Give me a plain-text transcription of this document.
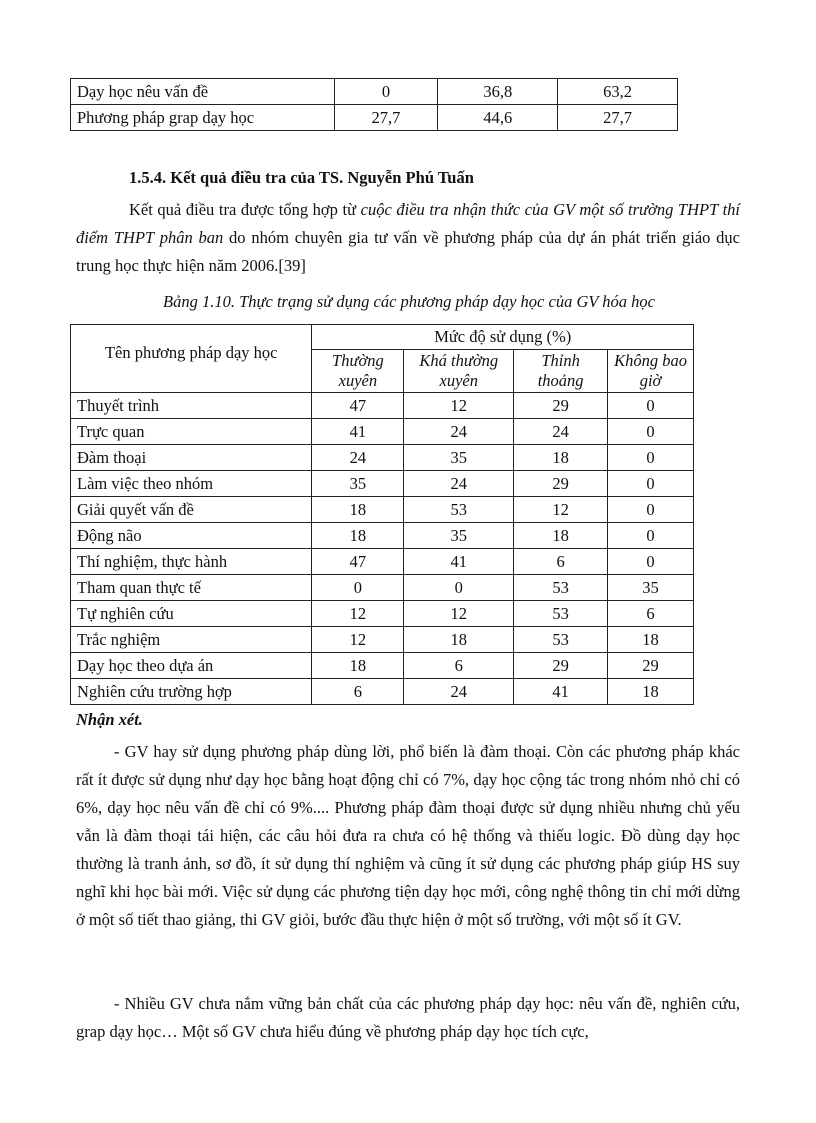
Dạy học nêu vấn đề	0	36,8	63,2
Phương pháp grap dạy học	27,7	44,6	27,7
1.5.4. Kết quả điều tra của TS. Nguyễn Phú Tuấn

Kết quả điều tra được tổng hợp từ cuộc điều tra nhận thức của GV một số trường THPT thí điểm THPT phân ban do nhóm chuyên gia tư vấn về phương pháp của dự án phát triển giáo dục trung học thực hiện năm 2006.[39]

Bảng 1.10. Thực trạng sử dụng các phương pháp dạy học của GV hóa học
Tên phương pháp dạy học	Mức độ sử dụng (%)			
	Thường xuyên	Khá thường xuyên	Thỉnh thoảng	Không bao giờ
Thuyết trình	47	12	29	0
Trực quan	41	24	24	0
Đàm thoại	24	35	18	0
Làm việc theo nhóm	35	24	29	0
Giải quyết vấn đề	18	53	12	0
Động não	18	35	18	0
Thí nghiệm, thực hành	47	41	6	0
Tham quan thực tế	0	0	53	35
Tự nghiên cứu	12	12	53	6
Trắc nghiệm	12	18	53	18
Dạy học theo dựa án	18	6	29	29
Nghiên cứu trường hợp	6	24	41	18
Nhận xét.

- GV hay sử dụng phương pháp dùng lời, phổ biến là đàm thoại. Còn các phương pháp khác rất ít được sử dụng như dạy học bằng hoạt động chỉ có 7%, dạy học cộng tác trong nhóm nhỏ chỉ có 6%, dạy học nêu vấn đề chỉ có 9%.... Phương pháp đàm thoại được sử dụng nhiều nhưng chủ yếu vẫn là đàm thoại tái hiện, các câu hỏi đưa ra chưa có hệ thống và thiếu logic. Đồ dùng dạy học thường là tranh ảnh, sơ đồ, ít sử dụng thí nghiệm và cũng ít sử dụng các phương pháp giúp HS suy nghĩ khi học bài mới. Việc sử dụng các phương tiện dạy học mới, công nghệ thông tin chỉ mới dừng ở một số tiết thao giảng, thi GV giỏi, bước đầu thực hiện ở một số trường, với một số ít GV.

- Nhiều GV chưa nắm vững bản chất của các phương pháp dạy học: nêu vấn đề, nghiên cứu, grap dạy học… Một số GV chưa hiểu đúng về phương pháp dạy học tích cực,
